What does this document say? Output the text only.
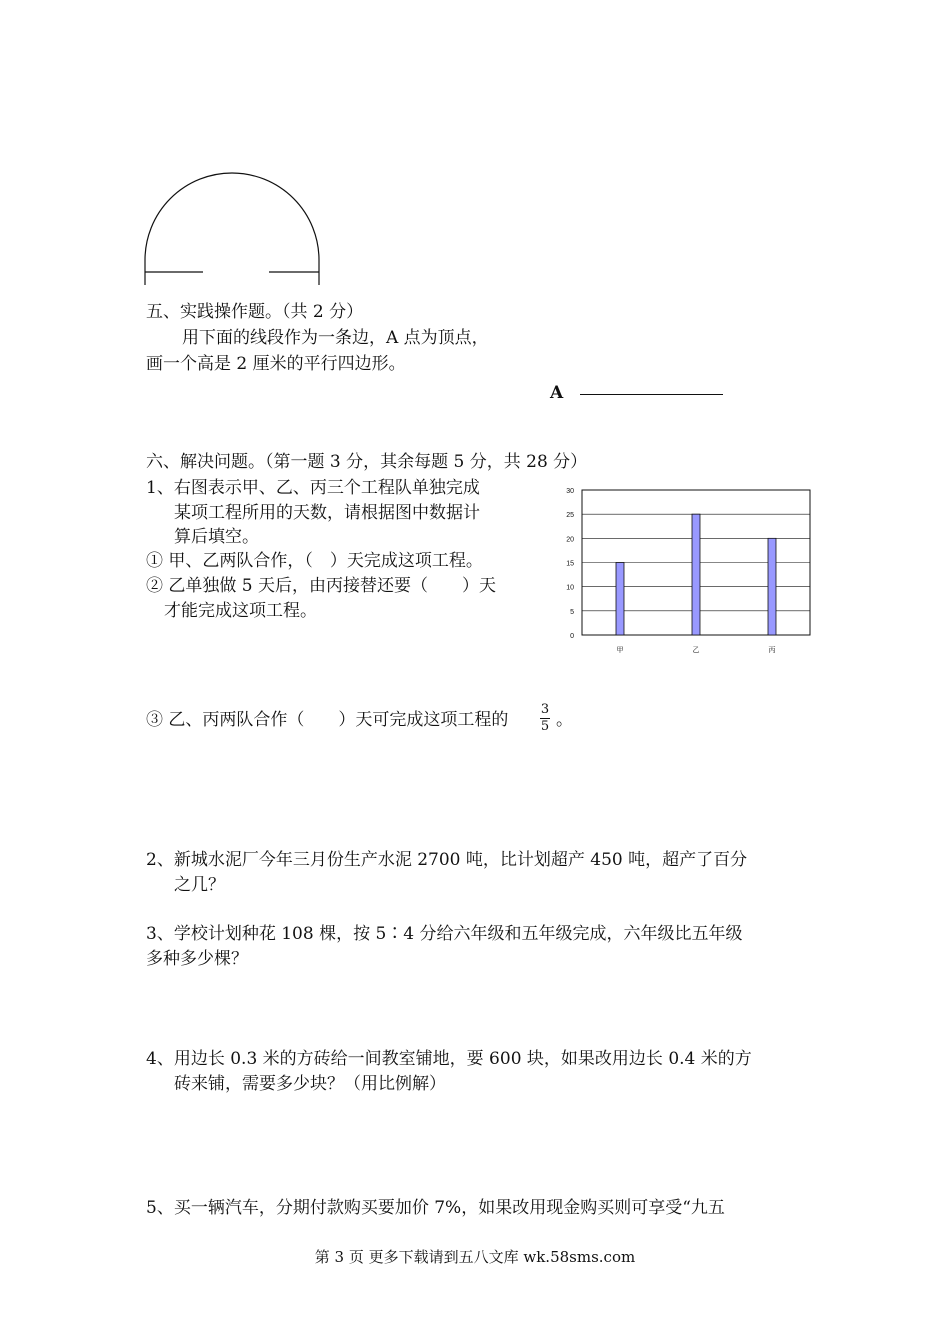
五、实践操作题。（共 2 分）
用下面的线段作为一条边，A 点为顶点，
画一个高是 2 厘米的平行四边形。
A
六、解决问题。（第一题 3 分，其余每题 5 分，共 28 分）
1、右图表示甲、乙、丙三个工程队单独完成
某项工程所用的天数，请根据图中数据计
算后填空。
① 甲、乙两队合作，（　）天完成这项工程。
② 乙单独做 5 天后，由丙接替还要（　　）天
才能完成这项工程。
0
5
10
15
20
25
30
甲	乙	丙
③ 乙、丙两队合作（　　）天可完成这项工程的
3
5 。
2、新城水泥厂今年三月份生产水泥 2700 吨，比计划超产 450 吨，超产了百分
之几？
3、学校计划种花 108 棵，按 5∶4 分给六年级和五年级完成，六年级比五年级
多种多少棵？
4、用边长 0.3 米的方砖给一间教室铺地，要 600 块，如果改用边长 0.4 米的方
砖来铺，需要多少块？（用比例解）
5、买一辆汽车，分期付款购买要加价 7%，如果改用现金购买则可享受“九五
第 3 页 更多下载请到五八文库 wk.58sms.com
